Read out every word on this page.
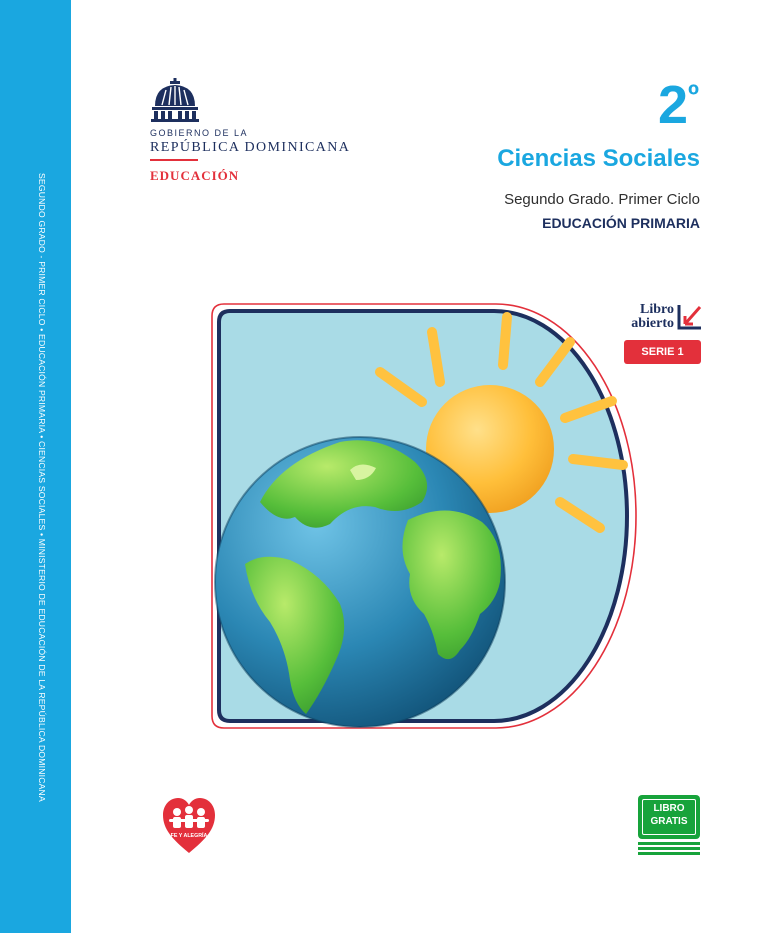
SEGUNDO GRADO - PRIMER CICLO • EDUCACIÓN PRIMARIA • CIENCIAS SOCIALES • MINISTERIO DE EDUCACIÓN DE LA REPÚBLICA DOMINICANA
GOBIERNO DE LA
REPÚBLICA DOMINICANA
EDUCACIÓN
$2^º$
Ciencias Sociales
Segundo Grado. Primer Ciclo
EDUCACIÓN PRIMARIA
Libro
abierto
SERIE 1
FE Y ALEGRÍA
LIBRO
GRATIS
